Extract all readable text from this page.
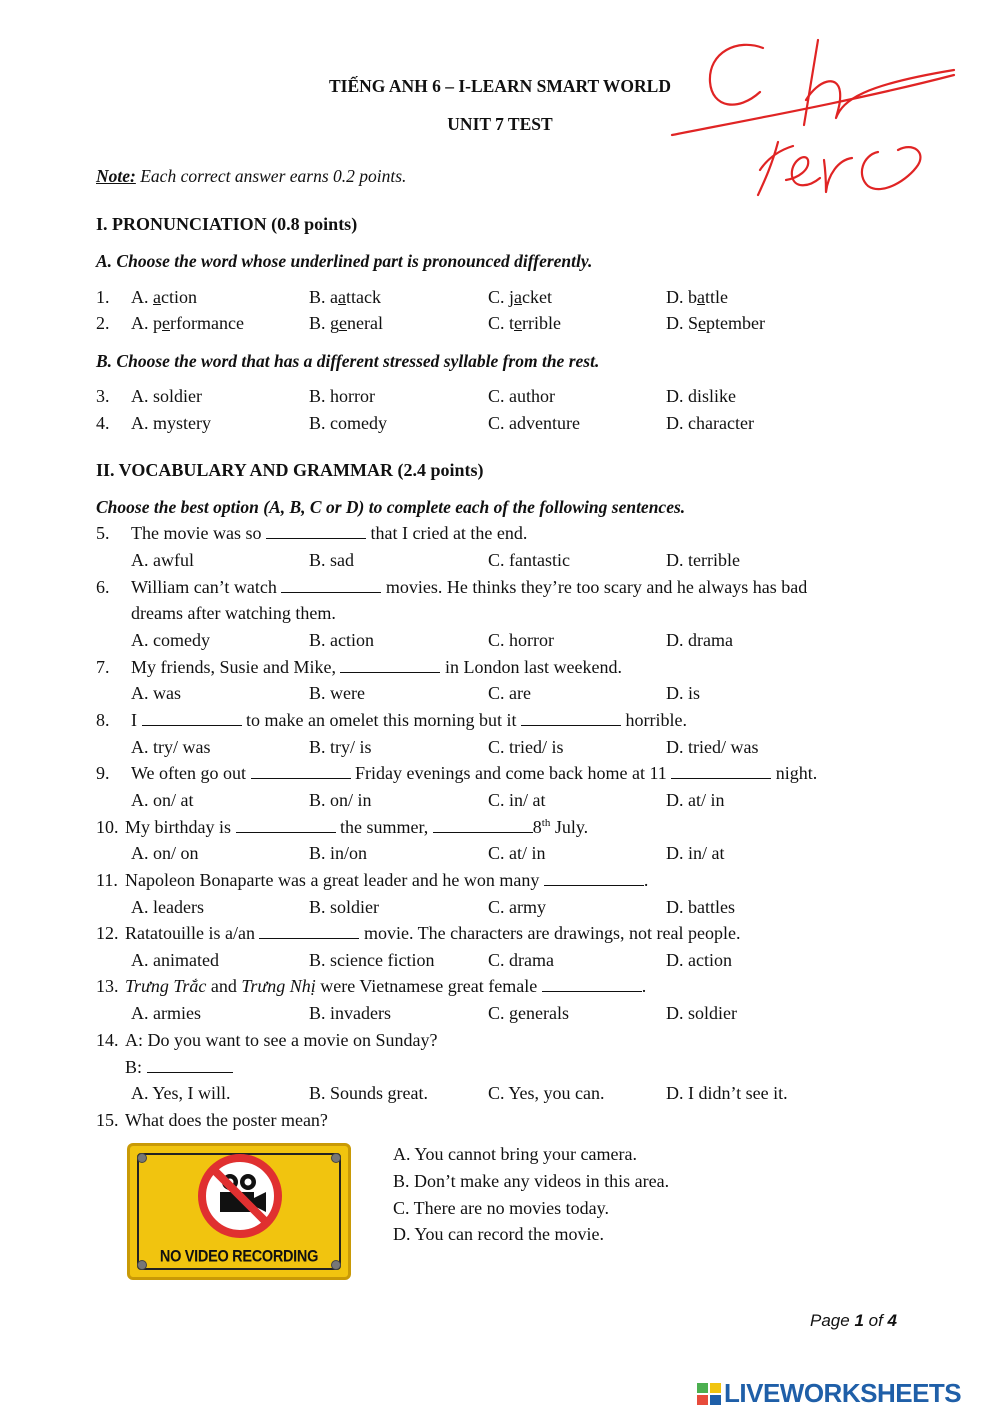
TIẾNG ANH 6 – I-LEARN SMART WORLD
UNIT 7 TEST
Note: Each correct answer earns 0.2 points.
I. PRONUNCIATION (0.8 points)
A. Choose the word whose underlined part is pronounced differently.
1. A. action	B. aattack	C. jacket	D. battle
2. A. performance	B. general	C. terrible	D. September
B. Choose the word that has a different stressed syllable from the rest.
3. A. soldier	B. horror	C. author	D. dislike
4. A. mystery	B. comedy	C. adventure	D. character
II. VOCABULARY AND GRAMMAR (2.4 points)
Choose the best option (A, B, C or D) to complete each of the following sentences.
5. The movie was so	that I cried at the end.
A. awful	B. sad	C. fantastic	D. terrible
6. William can’t watch	movies. He thinks they’re too scary and he always has bad
dreams after watching them.
A. comedy	B. action	C. horror	D. drama
7. My friends, Susie and Mike,	in London last weekend.
A. was	B. were	C. are	D. is
8. I	to make an omelet this morning but it	horrible.
A. try/ was	B. try/ is	C. tried/ is	D. tried/ was
9. We often go out	Friday evenings and come back home at 11	night.
A. on/ at	B. on/ in	C. in/ at	D. at/ in
10. My birthday is	the summer,	8th July.
A. on/ on	B. in/on	C. at/ in	D. in/ at
11. Napoleon Bonaparte was a great leader and he won many	.
A. leaders	B. soldier	C. army	D. battles
12. Ratatouille is a/an	movie. The characters are drawings, not real people.
A. animated	B. science fiction	C. drama	D. action
13. Trưng Trắc and Trưng Nhị were Vietnamese great female	.
A. armies	B. invaders	C. generals	D. soldier
14. A: Do you want to see a movie on Sunday?
B:
A. Yes, I will.	B. Sounds great.	C. Yes, you can.	D. I didn’t see it.
15. What does the poster mean?
NO VIDEO RECORDING
A. You cannot bring your camera.
B. Don’t make any videos in this area.
C. There are no movies today.
D. You can record the movie.
Page 1 of 4
LIVEWORKSHEETS
